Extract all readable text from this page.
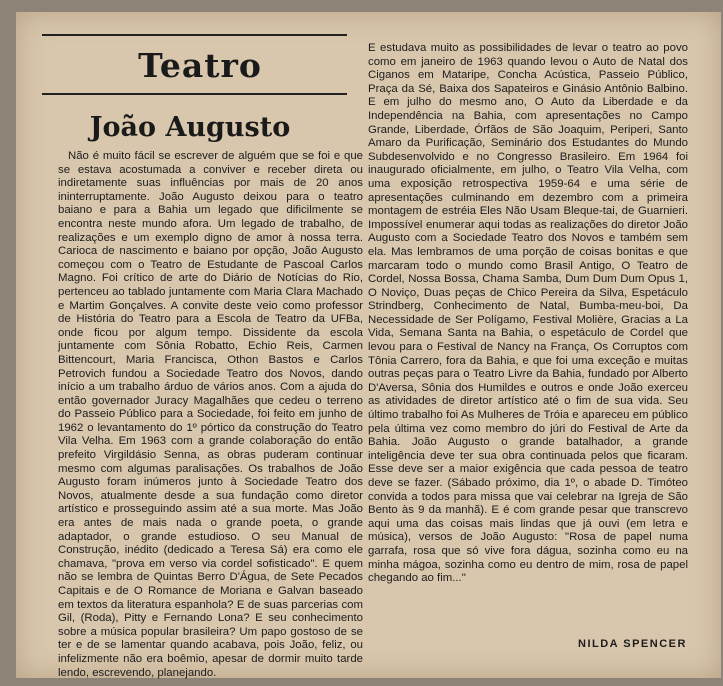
Teatro
João Augusto

Não é muito fácil se escrever de alguém que se foi e que se estava acostumada a conviver e receber direta ou indiretamente suas influências por mais de 20 anos ininterruptamente. João Augusto deixou para o teatro baiano e para a Bahia um legado que dificilmente se encontra neste mundo afora. Um legado de trabalho, de realizações e um exemplo digno de amor à nossa terra. Carioca de nascimento e baiano por opção, João Augusto começou com o Teatro de Estudante de Pascoal Carlos Magno. Foi crítico de arte do Diário de Notícias do Rio, pertenceu ao tablado juntamente com Maria Clara Machado e Martim Gonçalves. A convite deste veio como professor de História do Teatro para a Escola de Teatro da UFBa, onde ficou por algum tempo. Dissidente da escola juntamente com Sônia Robatto, Echio Reis, Carmen Bittencourt, Maria Francisca, Othon Bastos e Carlos Petrovich fundou a Sociedade Teatro dos Novos, dando início a um trabalho árduo de vários anos. Com a ajuda do então governador Juracy Magalhães que cedeu o terreno do Passeio Público para a Sociedade, foi feito em junho de 1962 o levantamento do 1º pórtico da construção do Teatro Vila Velha. Em 1963 com a grande colaboração do então prefeito Virgildásio Senna, as obras puderam continuar mesmo com algumas paralisações. Os trabalhos de João Augusto foram inúmeros junto à Sociedade Teatro dos Novos, atualmente desde a sua fundação como diretor artístico e prosseguindo assim até a sua morte. Mas João era antes de mais nada o grande poeta, o grande adaptador, o grande estudioso. O seu Manual de Construção, inédito (dedicado a Teresa Sá) era como ele chamava, "prova em verso via cordel sofisticado". E quem não se lembra de Quintas Berro D'Água, de Sete Pecados Capitais e de O Romance de Moriana e Galvan baseado em textos da literatura espanhola? E de suas parcerias com Gil, (Roda), Pitty e Fernando Lona? E seu conhecimento sobre a música popular brasileira? Um papo gostoso de se ter e de se lamentar quando acabava, pois João, feliz, ou infelizmente não era boêmio, apesar de dormir muito tarde lendo, escrevendo, planejando.

E estudava muito as possibilidades de levar o teatro ao povo como em janeiro de 1963 quando levou o Auto de Natal dos Ciganos em Mataripe, Concha Acústica, Passeio Público, Praça da Sé, Baixa dos Sapateiros e Ginásio Antônio Balbino. E em julho do mesmo ano, O Auto da Liberdade e da Independência na Bahia, com apresentações no Campo Grande, Liberdade, Órfãos de São Joaquim, Periperi, Santo Amaro da Purificação, Seminário dos Estudantes do Mundo Subdesenvolvido e no Congresso Brasileiro. Em 1964 foi inaugurado oficialmente, em julho, o Teatro Vila Velha, com uma exposição retrospectiva 1959-64 e uma série de apresentações culminando em dezembro com a primeira montagem de estréia Eles Não Usam Bleque-tai, de Guarnieri. Impossível enumerar aqui todas as realizações do diretor João Augusto com a Sociedade Teatro dos Novos e também sem ela. Mas lembramos de uma porção de coisas bonitas e que marcaram todo o mundo como Brasil Antigo, O Teatro de Cordel, Nossa Bossa, Chama Samba, Dum Dum Dum Opus 1, O Noviço, Duas peças de Chico Pereira da Silva, Espetáculo Strindberg, Conhecimento de Natal, Bumba-meu-boi, Da Necessidade de Ser Polígamo, Festival Molière, Gracias a La Vida, Semana Santa na Bahia, o espetáculo de Cordel que levou para o Festival de Nancy na França, Os Corruptos com Tônia Carrero, fora da Bahia, e que foi uma exceção e muitas outras peças para o Teatro Livre da Bahia, fundado por Alberto D'Aversa, Sônia dos Humildes e outros e onde João exerceu as atividades de diretor artístico até o fim de sua vida. Seu último trabalho foi As Mulheres de Tróia e apareceu em público pela última vez como membro do júri do Festival de Arte da Bahia. João Augusto o grande batalhador, a grande inteligência deve ter sua obra continuada pelos que ficaram. Esse deve ser a maior exigência que cada pessoa de teatro deve se fazer. (Sábado próximo, dia 1º, o abade D. Timóteo convida a todos para missa que vai celebrar na Igreja de São Bento às 9 da manhã). E é com grande pesar que transcrevo aqui uma das coisas mais lindas que já ouvi (em letra e música), versos de João Augusto: "Rosa de papel numa garrafa, rosa que só vive fora dágua, sozinha como eu na minha mágoa, sozinha como eu dentro de mim, rosa de papel chegando ao fim..."

NILDA SPENCER
